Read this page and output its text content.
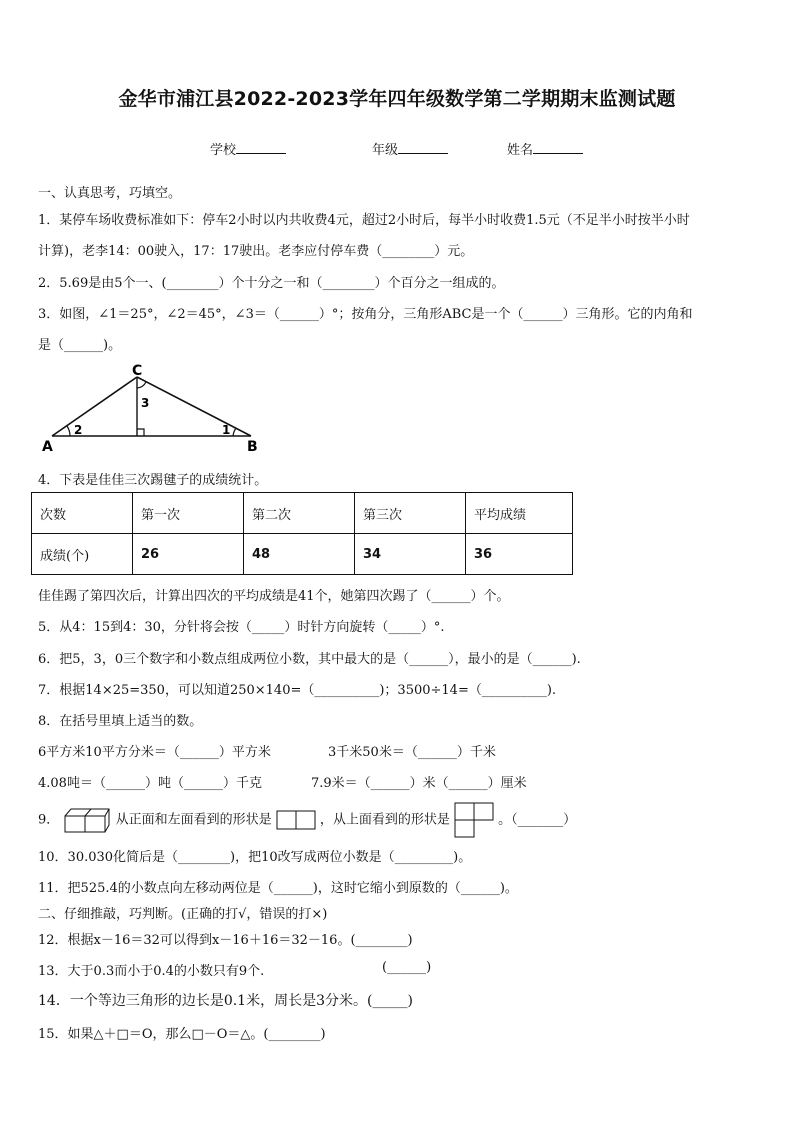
金华市浦江县2022-2023学年四年级数学第二学期期末监测试题
学校	年级	姓名
一、认真思考，巧填空。
1．某停车场收费标准如下：停车2小时以内共收费4元，超过2小时后，每半小时收费1.5元（不足半小时按半小时
计算)，老李14：00驶入，17：17驶出。老李应付停车费（________）元。
2．5.69是由5个一、(________）个十分之一和（________）个百分之一组成的。
3．如图，∠1＝25°，∠2＝45°，∠3＝（______）°；按角分，三角形ABC是一个（______）三角形。它的内角和
是（______)。
C
A	B
2	1
3
4．下表是佳佳三次踢毽子的成绩统计。
次数	第一次	第二次	第三次	平均成绩
成绩(个)	26	48	34	36
佳佳踢了第四次后，计算出四次的平均成绩是41个，她第四次踢了（______）个。
5．从4：15到4：30，分针将会按（_____）时针方向旋转（_____）°.
6．把5，3，0三个数字和小数点组成两位小数，其中最大的是（______），最小的是（______).
7．根据14×25=350，可以知道250×140=（__________)；3500÷14=（__________).
8．在括号里填上适当的数。
6平方米10平方分米＝（______）平方米	3千米50米＝（______）千米
4.08吨＝（______）吨（______）千克	7.9米＝（______）米（______）厘米
9．	从正面和左面看到的形状是	，从上面看到的形状是	。（_______）
10．30.030化简后是（________)，把10改写成两位小数是（_________)。
11．把525.4的小数点向左移动两位是（______)，这时它缩小到原数的（______)。
二、仔细推敲，巧判断。(正确的打√，错误的打×)
12．根据x－16＝32可以得到x－16＋16＝32－16。(________)
13．大于0.3而小于0.4的小数只有9个.	(______)
14．一个等边三角形的边长是0.1米，周长是3分米。(_____)
15．如果△＋□＝O，那么□－O＝△。(________)
